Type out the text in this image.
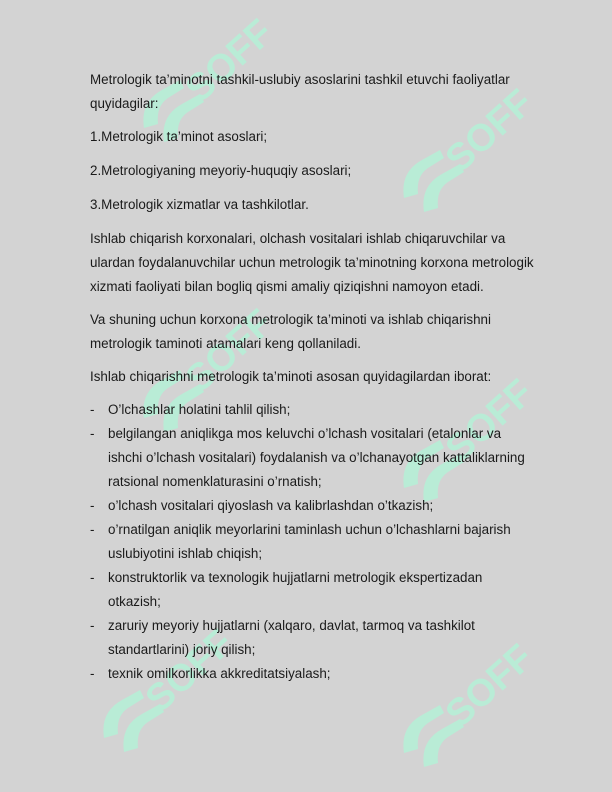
Metrologik ta’minotni tashkil-uslubiy asoslarini tashkil etuvchi faoliyatlar quyidagilar:

1.Metrologik ta’minot asoslari;

2.Metrologiyaning meyoriy-huquqiy asoslari;

3.Metrologik xizmatlar va tashkilotlar.

Ishlab chiqarish korxonalari, olchash vositalari ishlab chiqaruvchilar va ulardan foydalanuvchilar uchun metrologik ta’minotning korxona metrologik xizmati faoliyati bilan bogliq qismi amaliy qiziqishni namoyon etadi.

Va shuning uchun korxona metrologik ta’minoti va ishlab chiqarishni metrologik taminoti atamalari keng qollaniladi.

Ishlab chiqarishni metrologik ta’minoti asosan quyidagilardan iborat:

- O’lchashlar holatini tahlil qilish;
- belgilangan aniqlikga mos keluvchi o’lchash vositalari (etalonlar va ishchi o’lchash vositalari) foydalanish va o’lchanayotgan kattaliklarning ratsional nomenklaturasini o’rnatish;
- o’lchash vositalari qiyoslash va kalibrlashdan o’tkazish;
- o’rnatilgan aniqlik meyorlarini taminlash uchun o’lchashlarni bajarish uslubiyotini ishlab chiqish;
- konstruktorlik va texnologik hujjatlarni metrologik ekspertizadan otkazish;
- zaruriy meyoriy hujjatlarni (xalqaro, davlat, tarmoq va tashkilot standartlarini) joriy qilish;
- texnik omilkorlikka akkreditatsiyalash;
